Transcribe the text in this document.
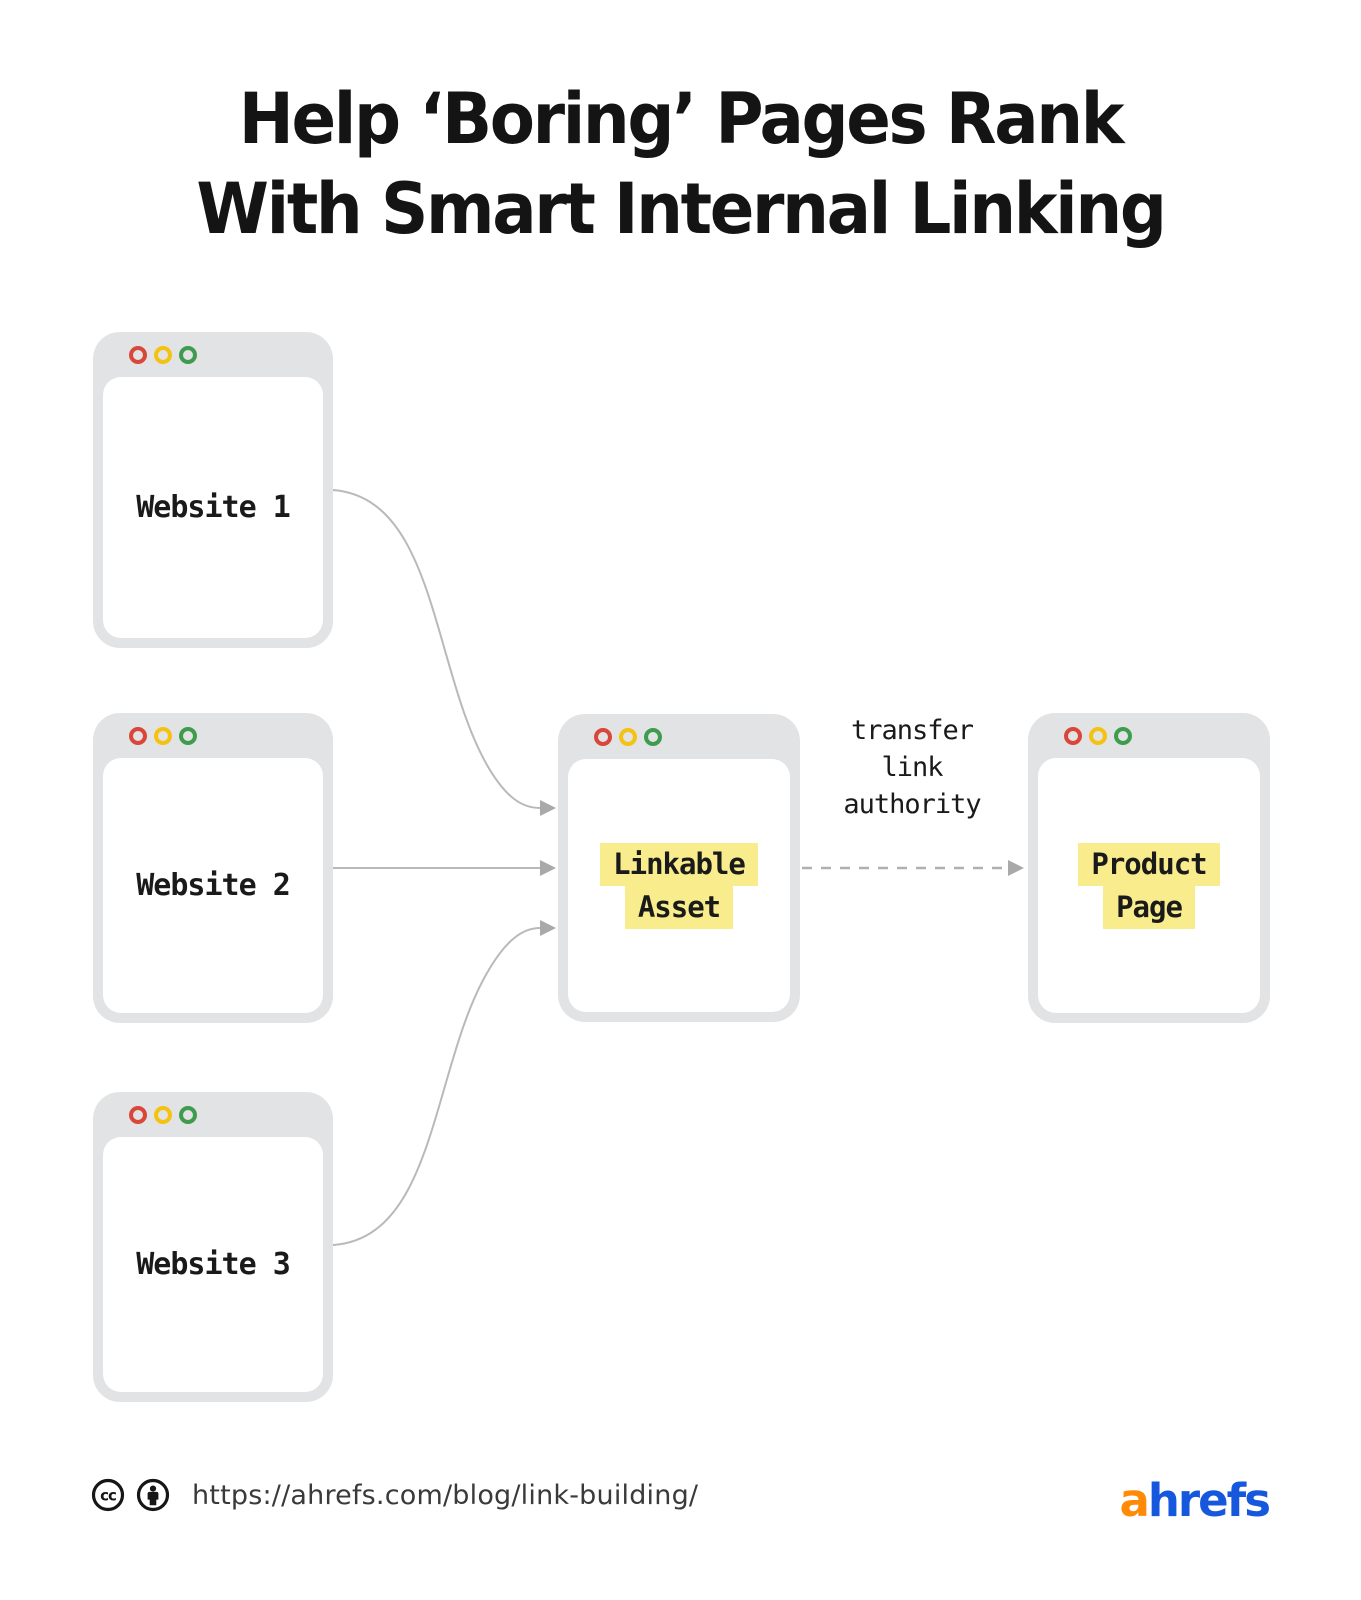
Help ‘Boring’ Pages Rank
With Smart Internal Linking
Website 1
Website 2
Website 3
Linkable
Asset
transfer
link
authority
Product
Page
cc	https://ahrefs.com/blog/link-building/	ahrefs
